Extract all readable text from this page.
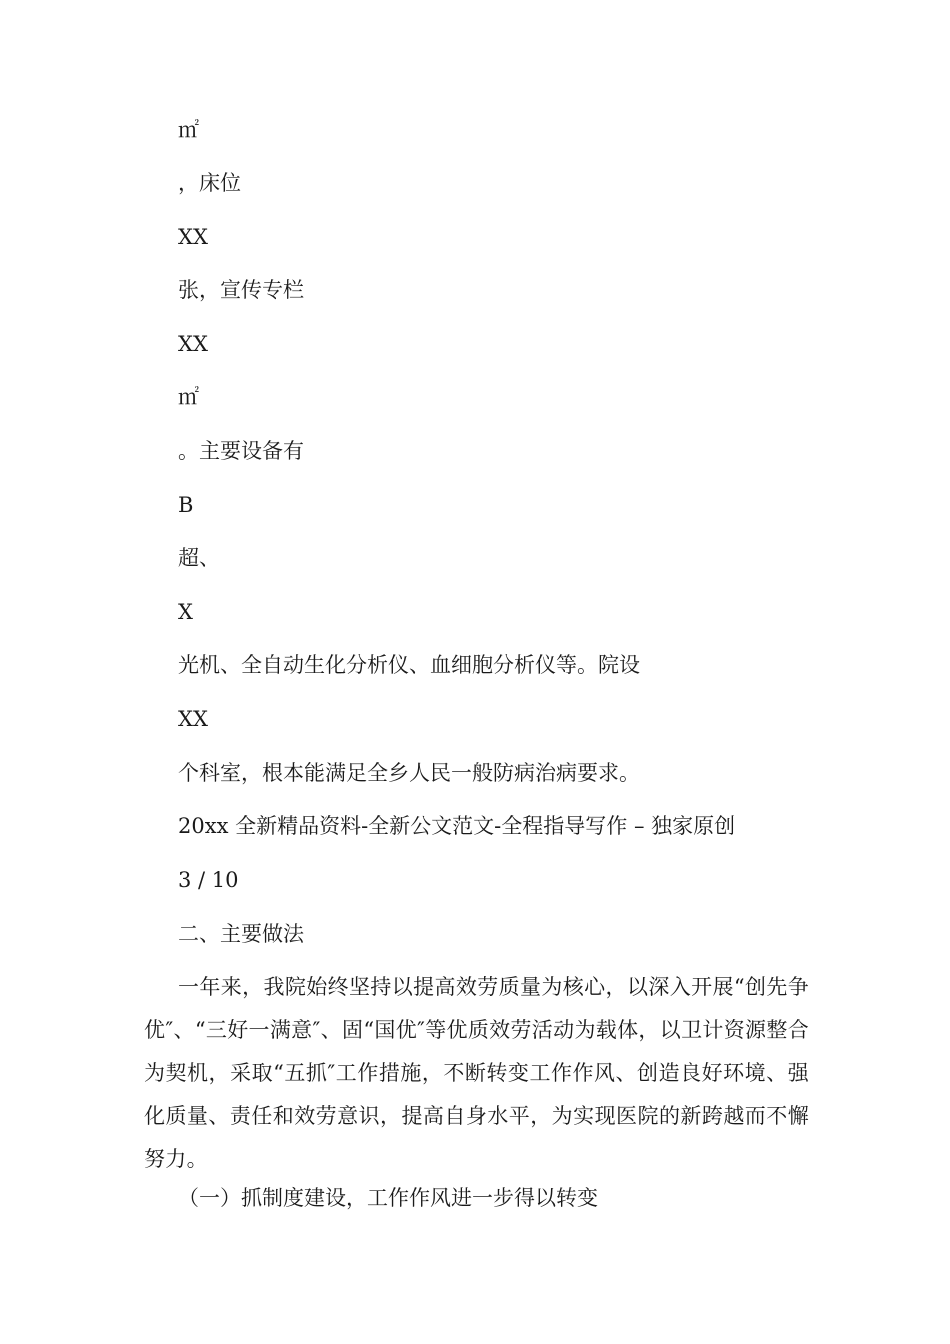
㎡
，床位
XX
张，宣传专栏
XX
㎡
。主要设备有
B
超、
X
光机、全自动生化分析仪、血细胞分析仪等。院设
XX
个科室，根本能满足全乡人民一般防病治病要求。
20xx 全新精品资料-全新公文范文-全程指导写作 – 独家原创
3 / 10
二、主要做法
一年来，我院始终坚持以提高效劳质量为核心，以深入开展“创先争优″、“三好一满意″、固“国优″等优质效劳活动为载体，以卫计资源整合为契机，采取“五抓″工作措施，不断转变工作作风、创造良好环境、强化质量、责任和效劳意识，提高自身水平，为实现医院的新跨越而不懈努力。
（一）抓制度建设，工作作风进一步得以转变
